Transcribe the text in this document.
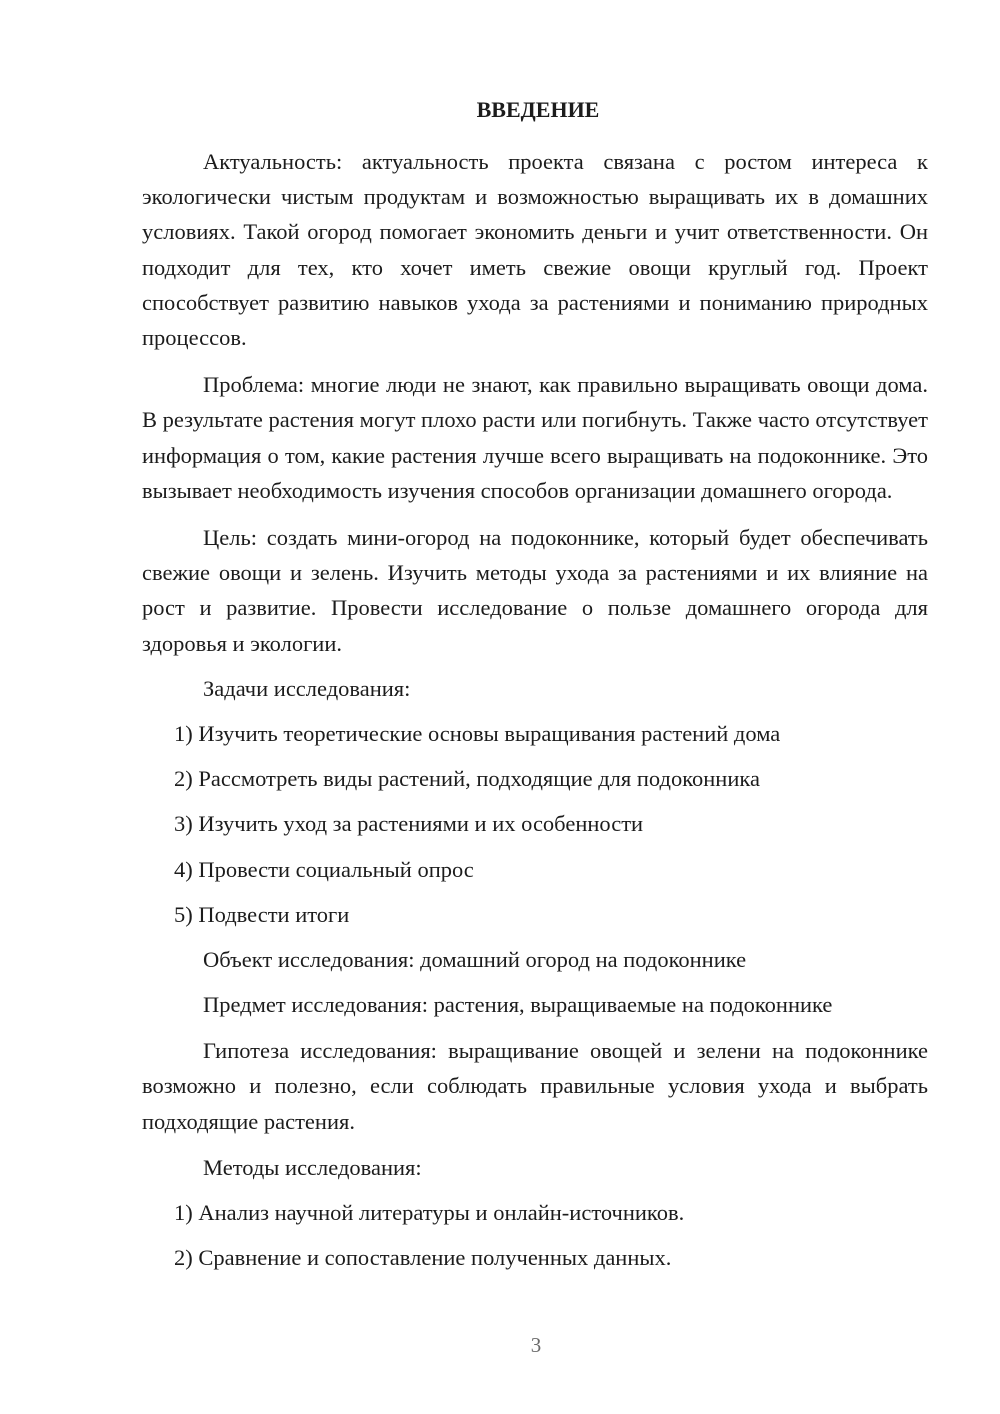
ВВЕДЕНИЕ

Актуальность: актуальность проекта связана с ростом интереса к экологически чистым продуктам и возможностью выращивать их в домашних условиях. Такой огород помогает экономить деньги и учит ответственности. Он подходит для тех, кто хочет иметь свежие овощи круглый год. Проект способствует развитию навыков ухода за растениями и пониманию природных процессов.

Проблема: многие люди не знают, как правильно выращивать овощи дома. В результате растения могут плохо расти или погибнуть. Также часто отсутствует информация о том, какие растения лучше всего выращивать на подоконнике. Это вызывает необходимость изучения способов организации домашнего огорода.

Цель: создать мини-огород на подоконнике, который будет обеспечивать свежие овощи и зелень. Изучить методы ухода за растениями и их влияние на рост и развитие. Провести исследование о пользе домашнего огорода для здоровья и экологии.

Задачи исследования:

1) Изучить теоретические основы выращивания растений дома

2) Рассмотреть виды растений, подходящие для подоконника

3) Изучить уход за растениями и их особенности

4) Провести социальный опрос

5) Подвести итоги

Объект исследования: домашний огород на подоконнике

Предмет исследования: растения, выращиваемые на подоконнике

Гипотеза исследования: выращивание овощей и зелени на подоконнике возможно и полезно, если соблюдать правильные условия ухода и выбрать подходящие растения.

Методы исследования:

1) Анализ научной литературы и онлайн-источников.

2) Сравнение и сопоставление полученных данных.

3
